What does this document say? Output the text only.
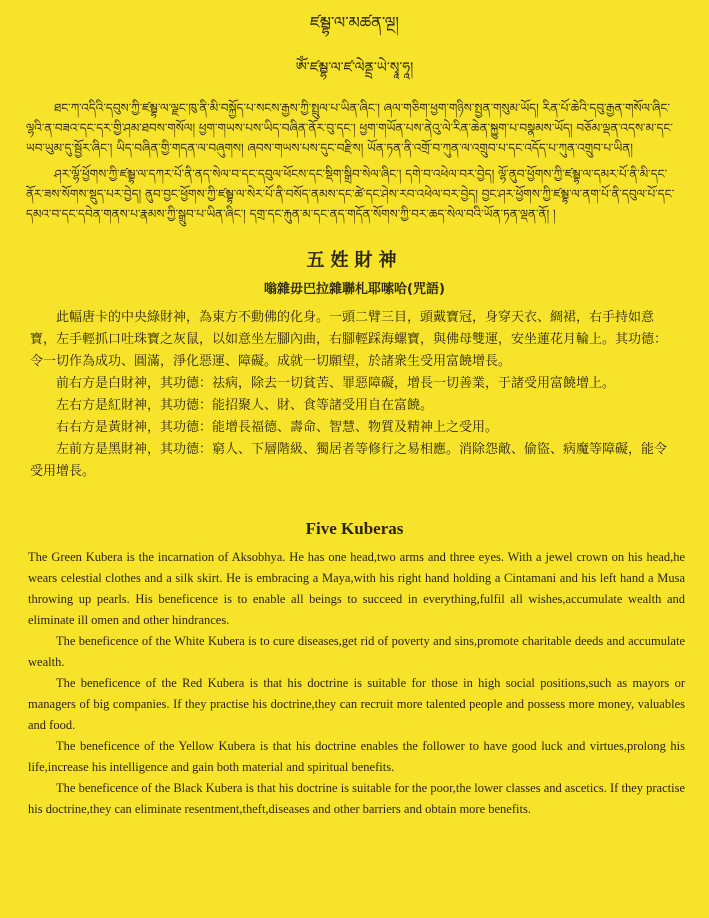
ཛམྦྷ་ལ་མཚན་ལྔ།
ཨོཾ་ཛམྦྷ་ལ་ཛ་ལེནྡྲ་ཡེ་སྭཱ་ཧཱ།

ཐང་ཀ་འདིའི་དབུས་ཀྱི་ཛམྦྷ་ལ་ལྗང་ཁུ་ནི་མི་བསྐྱོད་པ་སངས་རྒྱས་ཀྱི་སྤྲུལ་པ་ཡིན་ཞིང་། ཞལ་གཅིག་ཕྱག་གཉིས་སྤྱན་གསུམ་ཡོད། རིན་པོ་ཆེའི་དབུ་རྒྱན་གསོལ་ཞིང་ལྷའི་ན་བཟའ་དང་དར་གྱི་ཤམ་ཐབས་གསོལ། ཕྱག་གཡས་པས་ཡིད་བཞིན་ནོར་བུ་དང་། ཕྱག་གཡོན་པས་ནེའུ་ལེ་རིན་ཆེན་སྐྱུག་པ་བསྣམས་ཡོད། བཅོམ་ལྡན་འདས་མ་དང་ཡབ་ཡུམ་དུ་སྦྱོར་ཞིང་། ཡིད་བཞིན་གྱི་གདན་ལ་བཞུགས། ཞབས་གཡས་པས་དུང་བརྫིས། ཡོན་ཏན་ནི་འགྲོ་བ་ཀུན་ལ་འགྲུབ་པ་དང་འདོད་པ་ཀུན་འགྲུབ་པ་ཡིན།

ཤར་ལྷོ་ཕྱོགས་ཀྱི་ཛམྦྷ་ལ་དཀར་པོ་ནི་ནད་སེལ་བ་དང་དབུལ་ཕོངས་དང་སྡིག་སྒྲིབ་སེལ་ཞིང་། དགེ་བ་འཕེལ་བར་བྱེད། ལྷོ་ནུབ་ཕྱོགས་ཀྱི་ཛམྦྷ་ལ་དམར་པོ་ནི་མི་དང་ནོར་ཟས་སོགས་སྡུད་པར་བྱེད། ནུབ་བྱང་ཕྱོགས་ཀྱི་ཛམྦྷ་ལ་སེར་པོ་ནི་བསོད་ནམས་དང་ཚེ་དང་ཤེས་རབ་འཕེལ་བར་བྱེད། བྱང་ཤར་ཕྱོགས་ཀྱི་ཛམྦྷ་ལ་ནག་པོ་ནི་དབུལ་པོ་དང་དམའ་བ་དང་དབེན་གནས་པ་རྣམས་ཀྱི་སྒྲུབ་པ་ཡིན་ཞིང་། དགྲ་དང་རྐུན་མ་དང་ནད་གདོན་སོགས་ཀྱི་བར་ཆད་སེལ་བའི་ཡོན་ཏན་ལྡན་ནོ། །

五姓財神
嗡雜毋巴拉雜聯札耶嗦哈(咒語)

此幅唐卡的中央綠財神，為東方不動佛的化身。一頭二臂三目，頭戴寶冠，身穿天衣、綢裙，右手持如意寶，左手輕抓口吐珠寶之灰鼠，以如意坐左腳內曲，右腳輕踩海螺寶，與佛母雙運，安坐蓮花月輪上。其功德：令一切作為成功、圓滿，淨化惡運、障礙。成就一切願望，於諸衆生受用富饒增長。

前右方是白財神，其功德：祛病，除去一切貧苦、罪惡障礙，增長一切善業，于諸受用富饒增上。

左右方是紅財神，其功德：能招聚人、財、食等諸受用自在富饒。

右右方是黃財神，其功德：能增長福德、壽命、智慧、物質及精神上之受用。

左前方是黑財神，其功德：窮人、下層階級、獨居者等修行之易相應。消除怨敵、偷盜、病魔等障礙，能令受用增長。

Five Kuberas

The Green Kubera is the incarnation of Aksobhya. He has one head,two arms and three eyes. With a jewel crown on his head,he wears celestial clothes and a silk skirt. He is embracing a Maya,with his right hand holding a Cintamani and his left hand a Musa throwing up pearls. His beneficence is to enable all beings to succeed in everything,fulfil all wishes,accumulate wealth and eliminate ill omen and other hindrances.

The beneficence of the White Kubera is to cure diseases,get rid of poverty and sins,promote charitable deeds and accumulate wealth.

The beneficence of the Red Kubera is that his doctrine is suitable for those in high social positions,such as mayors or managers of big companies. If they practise his doctrine,they can recruit more talented people and possess more money, valuables and food.

The beneficence of the Yellow Kubera is that his doctrine enables the follower to have good luck and virtues,prolong his life,increase his intelligence and gain both material and spiritual benefits.

The beneficence of the Black Kubera is that his doctrine is suitable for the poor,the lower classes and ascetics. If they practise his doctrine,they can eliminate resentment,theft,diseases and other barriers and obtain more benefits.
